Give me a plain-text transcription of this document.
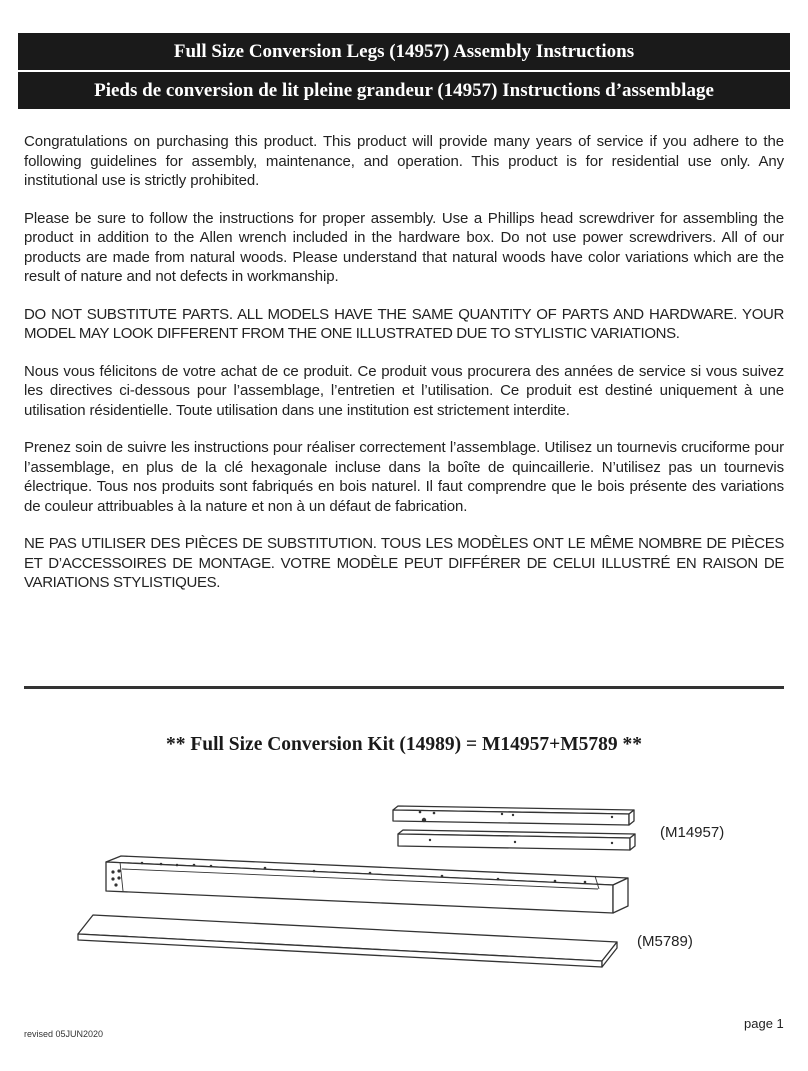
Full Size Conversion Legs (14957) Assembly Instructions
Pieds de conversion de lit pleine grandeur (14957) Instructions d’assemblage

Congratulations on purchasing this product. This product will provide many years of service if you adhere to the following guidelines for assembly, maintenance, and operation. This product is for residential use only. Any institutional use is strictly prohibited.

Please be sure to follow the instructions for proper assembly. Use a Phillips head screwdriver for assembling the product in addition to the Allen wrench included in the hardware box. Do not use power screwdrivers. All of our products are made from natural woods. Please understand that natural woods have color variations which are the result of nature and not defects in workmanship.

DO NOT SUBSTITUTE PARTS. ALL MODELS HAVE THE SAME QUANTITY OF PARTS AND HARDWARE. YOUR MODEL MAY LOOK DIFFERENT FROM THE ONE ILLUSTRATED DUE TO STYLISTIC VARIATIONS.

Nous vous félicitons de votre achat de ce produit. Ce produit vous procurera des années de service si vous suivez les directives ci-dessous pour l’assemblage, l’entretien et l’utilisation. Ce produit est destiné uniquement à une utilisation résidentielle. Toute utilisation dans une institution est strictement interdite.

Prenez soin de suivre les instructions pour réaliser correctement l’assemblage. Utilisez un tournevis cruciforme pour l’assemblage, en plus de la clé hexagonale incluse dans la boîte de quincaillerie. N’utilisez pas un tournevis électrique. Tous nos produits sont fabriqués en bois naturel. Il faut comprendre que le bois présente des variations de couleur attribuables à la nature et non à un défaut de fabrication.

NE PAS UTILISER DES PIÈCES DE SUBSTITUTION. TOUS LES MODÈLES ONT LE MÊME NOMBRE DE PIÈCES ET D’ACCESSOIRES DE MONTAGE. VOTRE MODÈLE PEUT DIFFÉRER DE CELUI ILLUSTRÉ EN RAISON DE VARIATIONS STYLISTIQUES.

** Full Size Conversion Kit (14989) = M14957+M5789 **
(M14957)
(M5789)
revised 05JUN2020
page 1
